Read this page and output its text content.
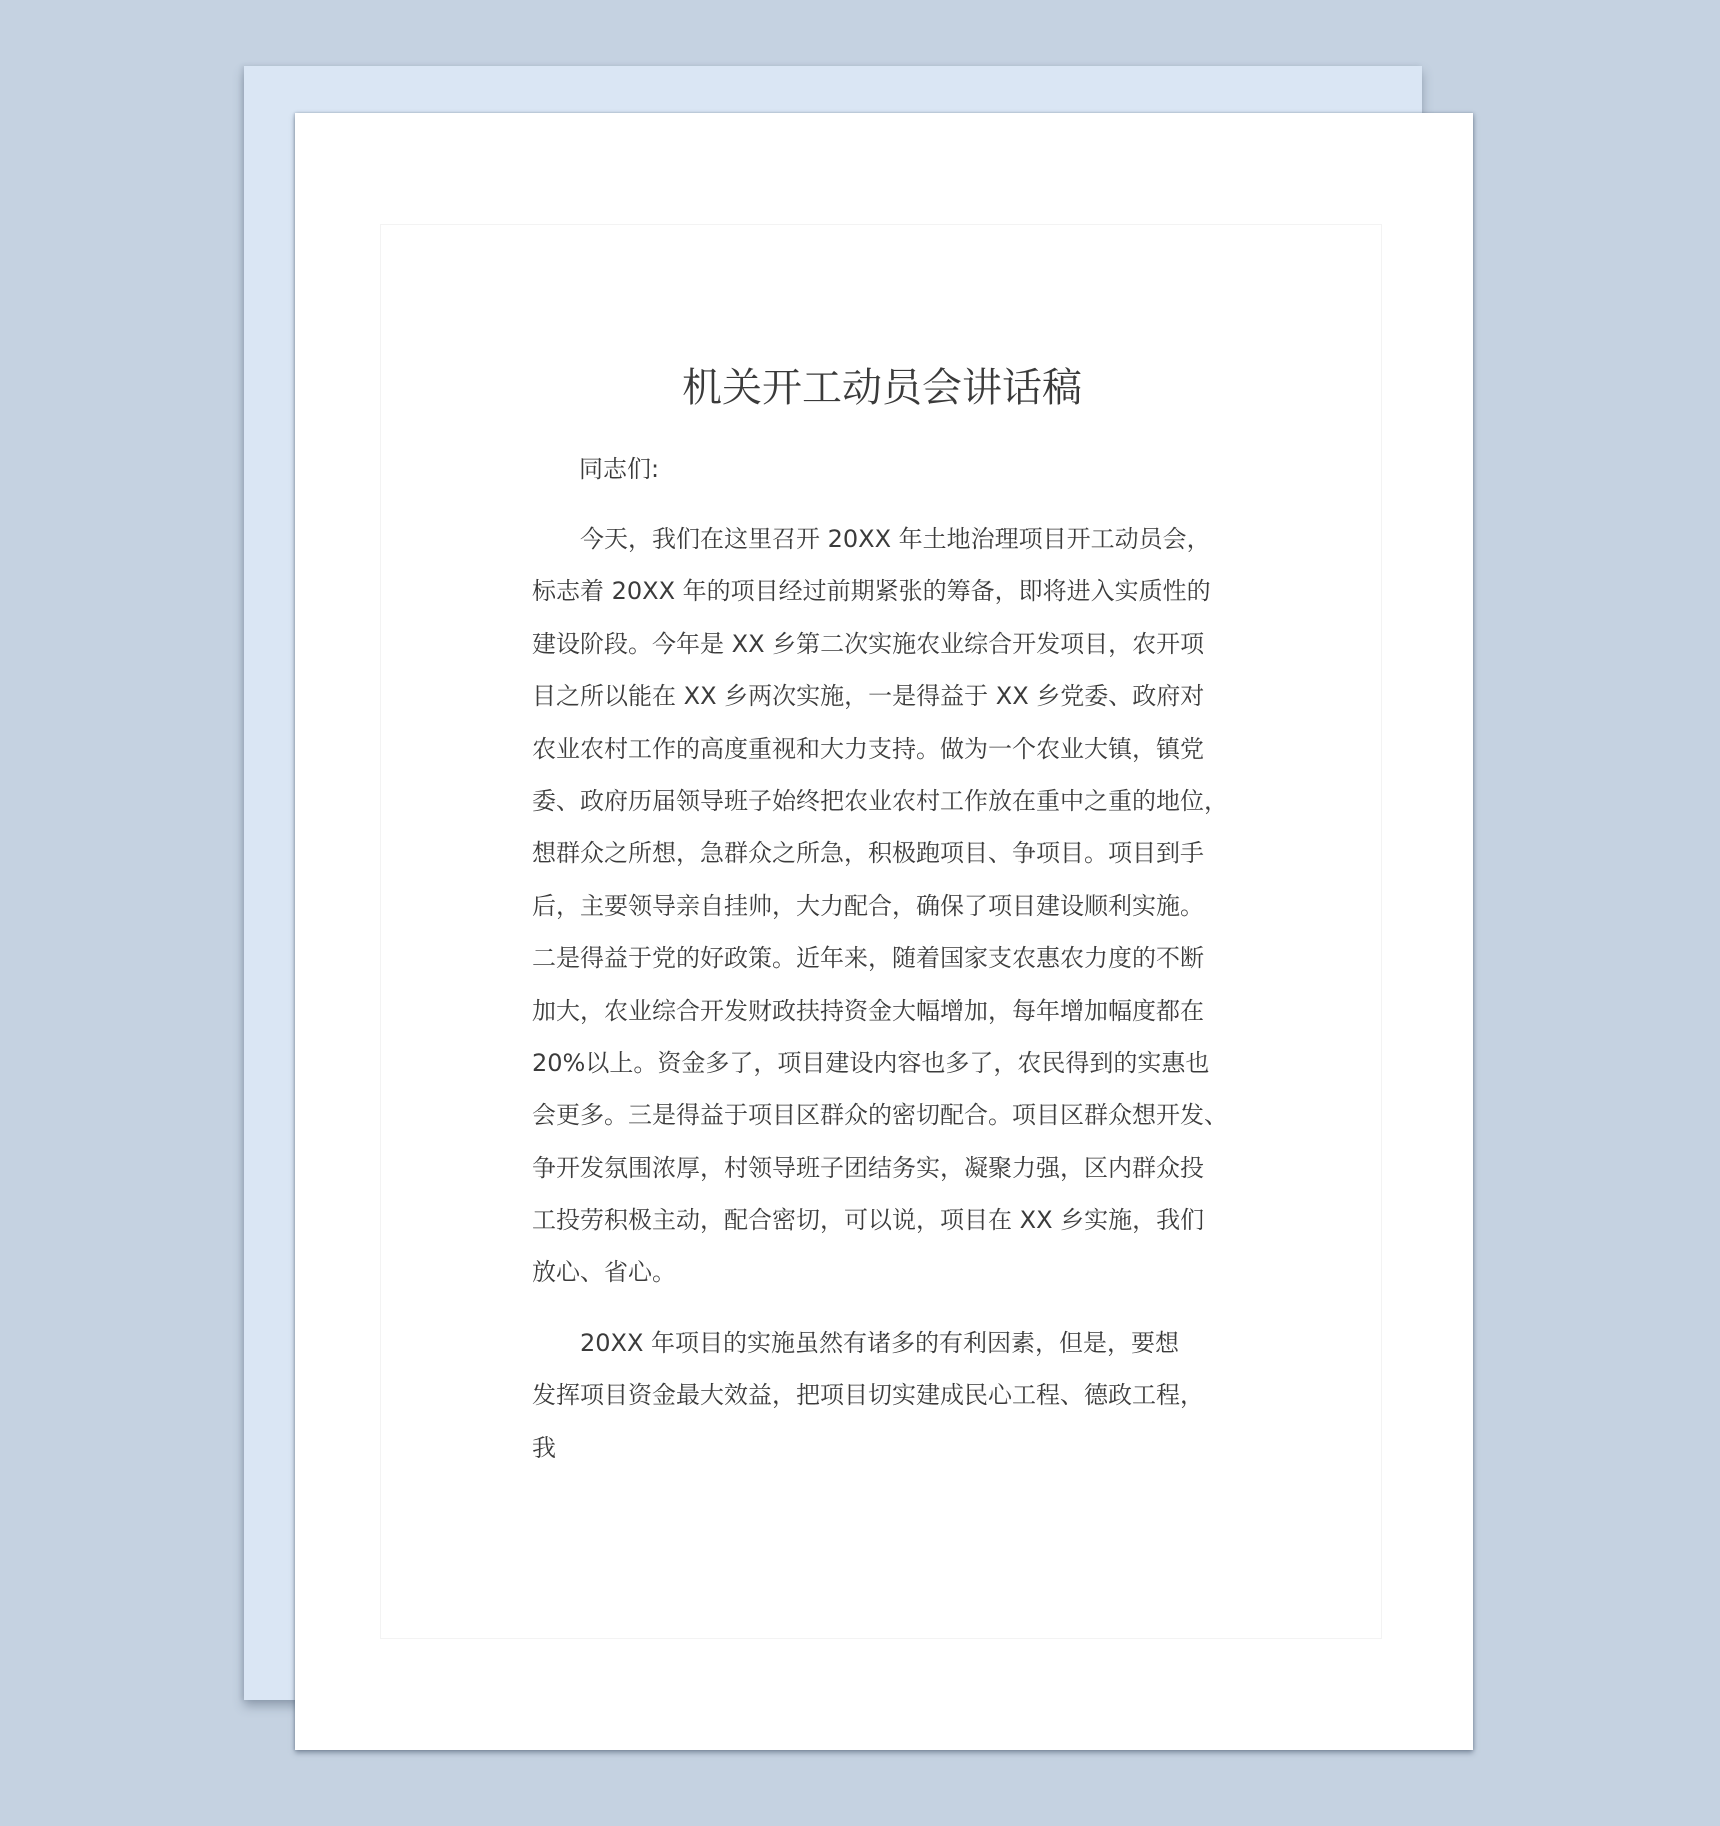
机关开工动员会讲话稿

同志们:

今天，我们在这里召开 20XX 年土地治理项目开工动员会，
标志着 20XX 年的项目经过前期紧张的筹备，即将进入实质性的
建设阶段。今年是 XX 乡第二次实施农业综合开发项目，农开项
目之所以能在 XX 乡两次实施，一是得益于 XX 乡党委、政府对
农业农村工作的高度重视和大力支持。做为一个农业大镇，镇党
委、政府历届领导班子始终把农业农村工作放在重中之重的地位，
想群众之所想，急群众之所急，积极跑项目、争项目。项目到手
后，主要领导亲自挂帅，大力配合，确保了项目建设顺利实施。
二是得益于党的好政策。近年来，随着国家支农惠农力度的不断
加大，农业综合开发财政扶持资金大幅增加，每年增加幅度都在
20%以上。资金多了，项目建设内容也多了，农民得到的实惠也
会更多。三是得益于项目区群众的密切配合。项目区群众想开发、
争开发氛围浓厚，村领导班子团结务实，凝聚力强，区内群众投
工投劳积极主动，配合密切，可以说，项目在 XX 乡实施，我们
放心、省心。

20XX 年项目的实施虽然有诸多的有利因素，但是，要想
发挥项目资金最大效益，把项目切实建成民心工程、德政工程，
我
